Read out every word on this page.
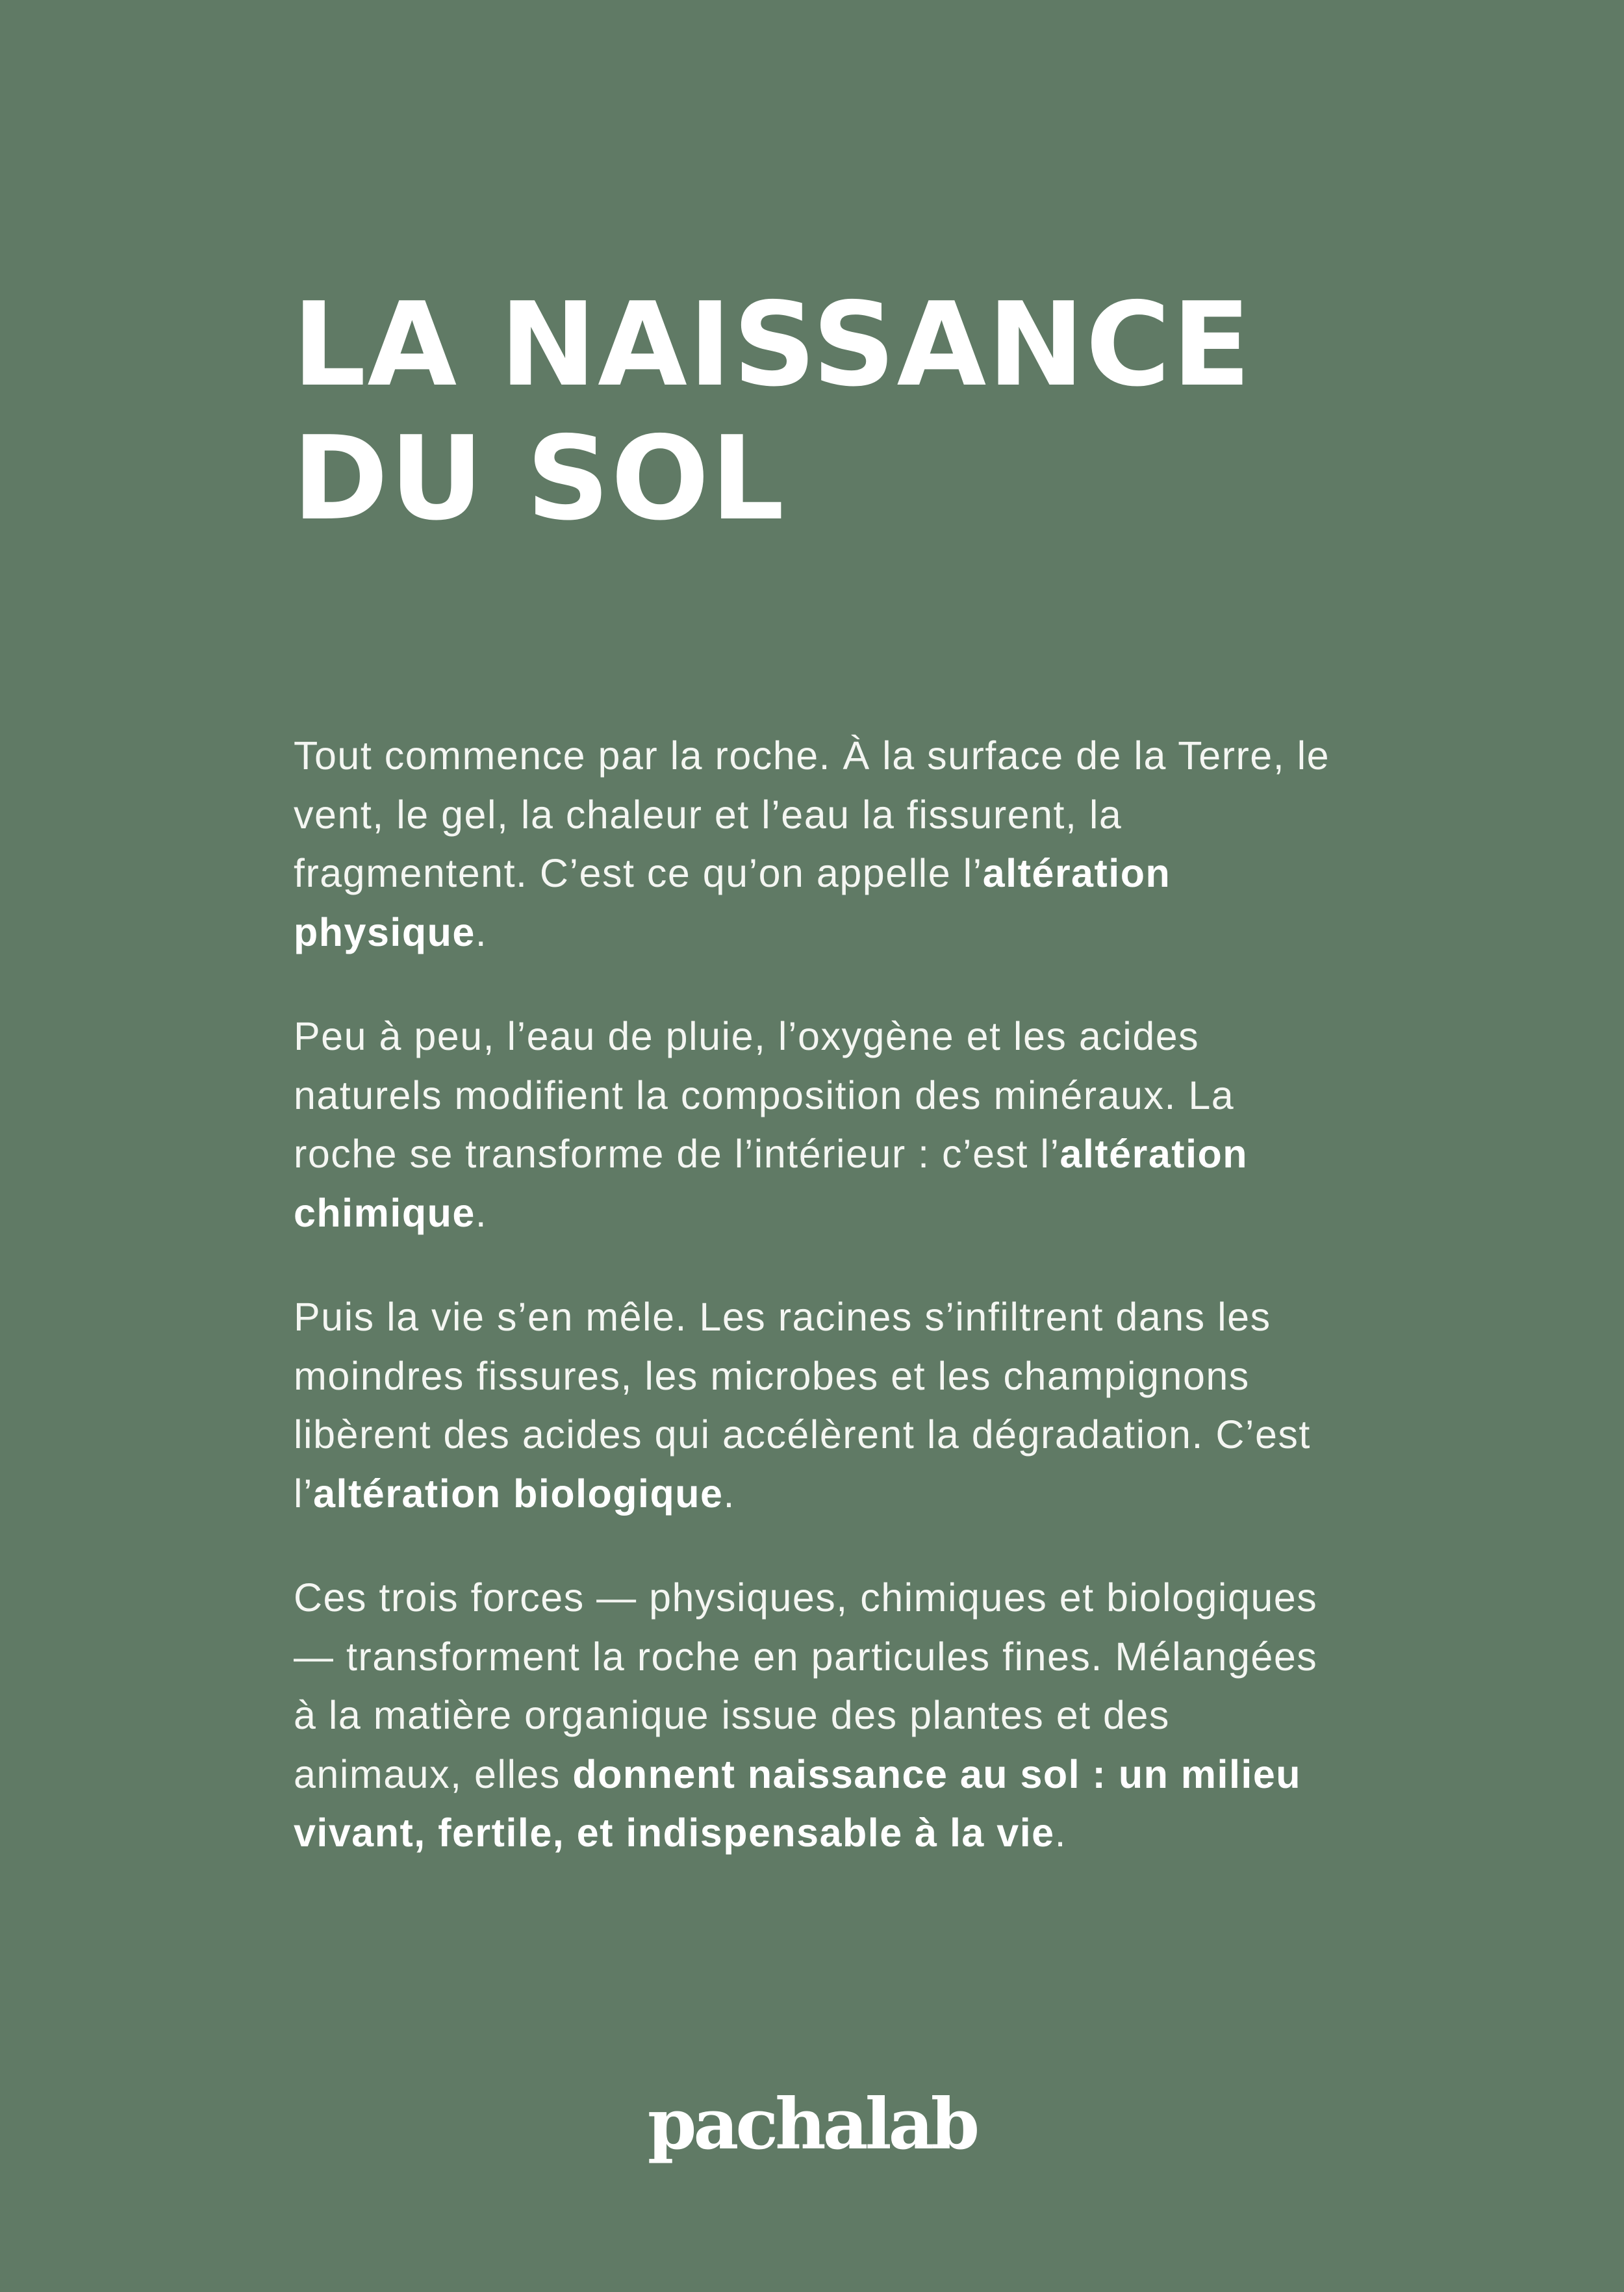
LA NAISSANCE
DU SOL

Tout commence par la roche. À la surface de la Terre, le vent, le gel, la chaleur et l’eau la fissurent, la fragmentent. C’est ce qu’on appelle l’altération physique.

Peu à peu, l’eau de pluie, l’oxygène et les acides naturels modifient la composition des minéraux. La roche se transforme de l’intérieur : c’est l’altération chimique.

Puis la vie s’en mêle. Les racines s’infiltrent dans les moindres fissures, les microbes et les champignons libèrent des acides qui accélèrent la dégradation. C’est l’altération biologique.

Ces trois forces — physiques, chimiques et biologiques — transforment la roche en particules fines. Mélangées à la matière organique issue des plantes et des animaux, elles donnent naissance au sol : un milieu vivant, fertile, et indispensable à la vie.

pachalab
